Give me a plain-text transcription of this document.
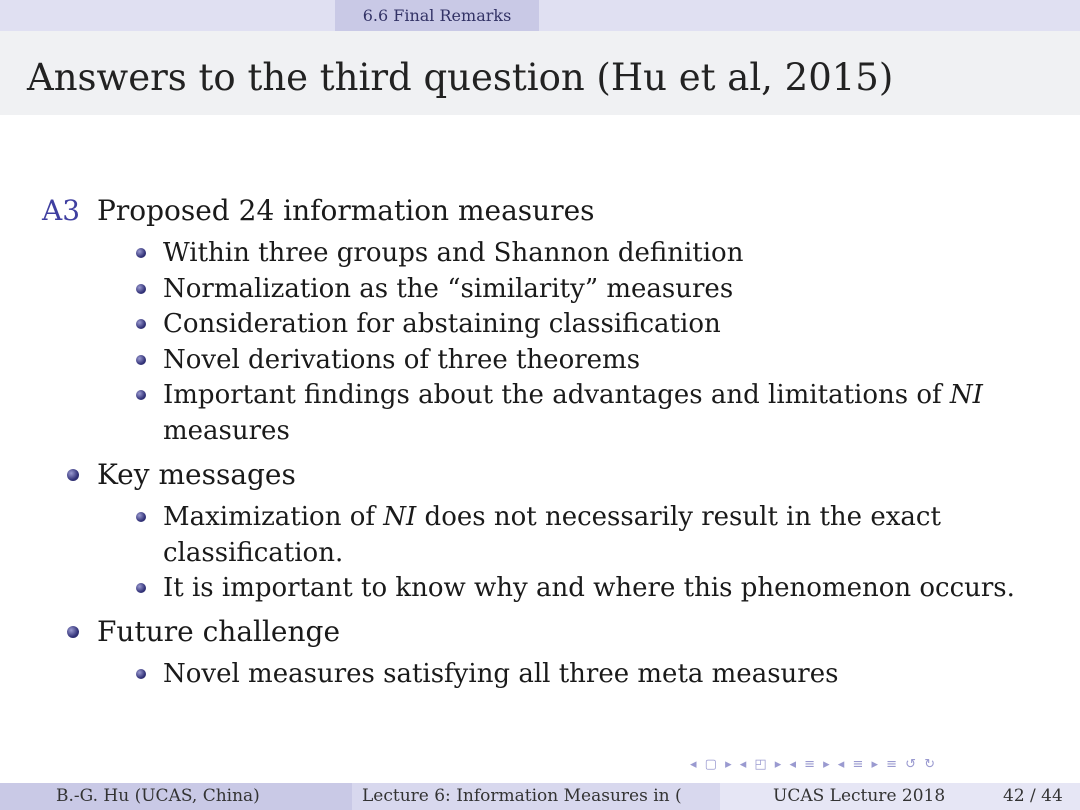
6.6 Final Remarks
Answers to the third question (Hu et al, 2015)
A3 Proposed 24 information measures
Within three groups and Shannon definition
Normalization as the “similarity” measures
Consideration for abstaining classification
Novel derivations of three theorems
Important findings about the advantages and limitations of NI
measures
Key messages
Maximization of NI does not necessarily result in the exact
classification.
It is important to know why and where this phenomenon occurs.
Future challenge
Novel measures satisfying all three meta measures
◂ ▢ ▸ ◂ ◰ ▸ ◂ ≡ ▸ ◂ ≡ ▸ ≡ ↺ ↻
B.-G. Hu (UCAS, China)	Lecture 6: Information Measures in (	UCAS Lecture 2018	42 / 44
